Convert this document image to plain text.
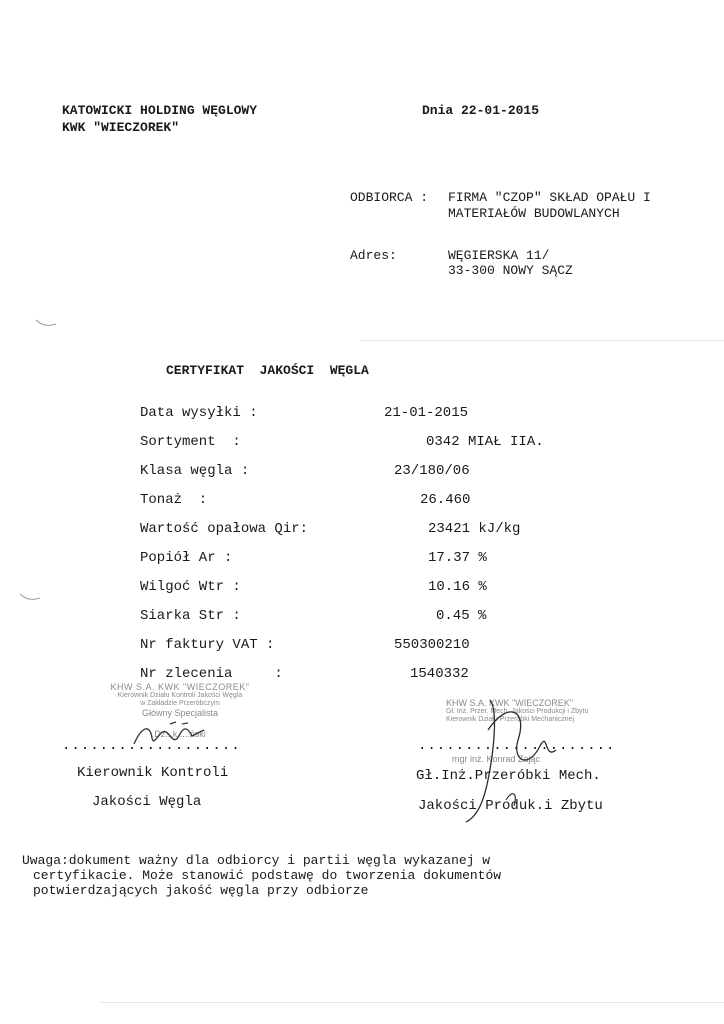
KATOWICKI HOLDING WĘGLOWY
KWK "WIECZOREK"
Dnia 22-01-2015
ODBIORCA : FIRMA "CZOP" SKŁAD OPAŁU I
MATERIAŁÓW BUDOWLANYCH
Adres:	WĘGIERSKA 11/
33-300 NOWY SĄCZ
CERTYFIKAT  JAKOŚCI  WĘGLA
Data wysyłki :	21-01-2015
Sortyment  :	0342 MIAŁ IIA.
Klasa węgla :	23/180/06
Tonaż  :	26.460
Wartość opałowa Qir:	23421 kJ/kg
Popiół Ar :	17.37 %
Wilgoć Wtr :	10.16 %
Siarka Str :	0.45 %
Nr faktury VAT :	550300210
Nr zlecenia     :	1540332
KHW S.A. KWK "WIECZOREK"
Kierownik Działu Kontroli Jakości Węgla
w Zakładzie Przeróbczym
Główny Specjalista
Dz...k.....ński
...................
Kierownik Kontroli
Jakości Węgla
KHW S.A. KWK "WIECZOREK"
Gł. Inż. Przer. Mech. Jakości Produkcji i Zbytu
Kierownik Działu Przeróbki Mechanicznej
mgr inż. Konrad Zając
.....................
Gł.Inż.Przeróbki Mech.
Jakości Produk.i Zbytu
Uwaga:dokument ważny dla odbiorcy i partii węgla wykazanej w
certyfikacie. Może stanowić podstawę do tworzenia dokumentów
potwierdzających jakość węgla przy odbiorze
